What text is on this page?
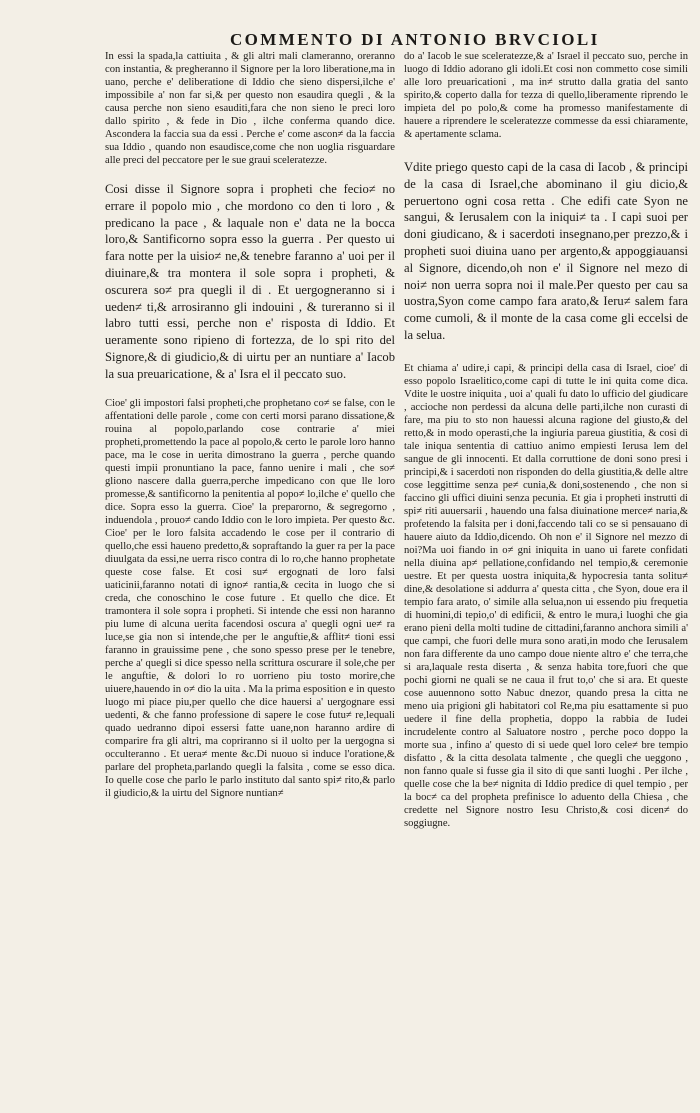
COMMENTO DI ANTONIO BRVCIOLI

In essi la spada,la cattiuita , & gli altri mali clameranno, oreranno con instantia, & pregheranno il Signore per la loro liberatione,ma in uano, perche e' deliberatione di Iddio che sieno dispersi,ilche e' impossibile a' non far si,& per questo non esaudira quegli , & la causa perche non sieno esauditi,fara che non sieno le preci loro dallo spirito , & fede in Dio , ilche conferma quando dice. Ascondera la faccia sua da essi . Perche e' come ascon≠ da la faccia sua Iddio , quando non esaudisce,come che non uoglia risguardare alle preci del peccatore per le sue graui sceleratezze.

Cosi disse il Signore sopra i propheti che fecio≠ no errare il popolo mio , che mordono co den ti loro , & predicano la pace , & laquale non e' data ne la bocca loro,& Santificorno sopra esso la guerra . Per questo ui fara notte per la uisio≠ ne,& tenebre faranno a' uoi per il diuinare,& tra montera il sole sopra i propheti, & oscurera so≠ pra quegli il di . Et uergogneranno si i ueden≠ ti,& arrosiranno gli indouini , & tureranno si il labro tutti essi, perche non e' risposta di Iddio. Et ueramente sono ripieno di fortezza, de lo spi rito del Signore,& di giudicio,& di uirtu per an nuntiare a' Iacob la sua preuaricatione, & a' Isra el il peccato suo.

Cioe' gli impostori falsi propheti,che prophetano co≠ se false, con le affentationi delle parole , come con certi morsi parano dissatione,& rouina al popolo,parlando cose contrarie a' miei propheti,promettendo la pace al popolo,& certo le parole loro hanno pace, ma le cose in uerita dimostrano la guerra , perche quando questi impii pronuntiano la pace, fanno uenire i mali , che so≠ gliono nascere dalla guerra,perche impedicano con que lle loro promesse,& santificorno la penitentia al popo≠ lo,ilche e' quello che dice. Sopra esso la guerra. Cioe' la preparorno, & segregorno , induendola , prouo≠ cando Iddio con le loro impieta. Per questo &c. Cioe' per le loro falsita accadendo le cose per il contrario di quello,che essi haueno predetto,& sopraftando la guer ra per la pace diuulgata da essi,ne uerra risco contra di lo ro,che hanno prophetate queste cose false. Et cosi su≠ ergognati de loro falsi uaticinii,faranno notati di igno≠ rantia,& cecita in luogo che si creda, che conoschino le cose future . Et quello che dice. Et tramontera il sole sopra i propheti. Si intende che essi non haranno piu lume di alcuna uerita facendosi oscura a' quegli ogni ue≠ ra luce,se gia non si intende,che per le anguftie,& afflit≠ tioni essi faranno in grauissime pene , che sono spesso prese per le tenebre, perche a' quegli si dice spesso nella scrittura oscurare il sole,che per le anguftie, & dolori lo ro uorrieno piu tosto morire,che uiuere,hauendo in o≠ dio la uita . Ma la prima esposition e in questo luogo mi piace piu,per quello che dice hauersi a' uergognare essi uedenti, & che fanno professione di sapere le cose futu≠ re,lequali quado uedranno dipoi essersi fatte uane,non haranno ardire di comparire fra gli altri, ma copriranno si il uolto per la uergogna si occulteranno . Et uera≠ mente &c.Di nuouo si induce l'oratione,& parlare del propheta,parlando quegli la falsita , come se esso dica. Io quelle cose che parlo le parlo instituto dal santo spi≠ rito,& parlo il giudicio,& la uirtu del Signore nuntian≠

do a' Iacob le sue sceleratezze,& a' Israel il peccato suo, perche in luogo di Iddio adorano gli idoli.Et cosi non commetto cose simili alle loro preuaricationi , ma in≠ strutto dalla gratia del santo spirito,& coperto dalla for tezza di quello,liberamente riprendo le impieta del po polo,& come ha promesso manifestamente di hauere a riprendere le sceleratezze commesse da essi chiaramente, & apertamente sclama.

Vdite priego questo capi de la casa di Iacob , & principi de la casa di Israel,che abominano il giu dicio,& peruertono ogni cosa retta . Che edifi cate Syon ne sangui, & Ierusalem con la iniqui≠ ta . I capi suoi per doni giudicano, & i sacerdoti insegnano,per prezzo,& i propheti suoi diuina uano per argento,& appoggiauansi al Signore, dicendo,oh non e' il Signore nel mezo di noi≠ non uerra sopra noi il male.Per questo per cau sa uostra,Syon come campo fara arato,& Ieru≠ salem fara come cumoli, & il monte de la casa come gli eccelsi de la selua.

Et chiama a' udire,i capi, & principi della casa di Israel, cioe' di esso popolo Israelitico,come capi di tutte le ini quita come dica. Vdite le uostre iniquita , uoi a' quali fu dato lo ufficio del giudicare , accioche non perdessi da alcuna delle parti,ilche non curasti di fare, ma piu to sto non hauessi alcuna ragione del giusto,& del retto,& in modo operasti,che la ingiuria pareua giustitia, & cosi di tale iniqua sententia di cattiuo animo empiesti Ierusa lem del sangue de gli innocenti. Et dalla corruttione de doni sono presi i principi,& i sacerdoti non risponden do della giustitia,& delle altre cose leggittime senza pe≠ cunia,& doni,sostenendo , che non si faccino gli uffici diuini senza pecunia. Et gia i propheti instrutti di spi≠ riti auuersarii , hauendo una falsa diuinatione merce≠ naria,& profetendo la falsita per i doni,faccendo tali co se si pensauano di hauere aiuto da Iddio,dicendo. Oh non e' il Signore nel mezzo di noi?Ma uoi fiando in o≠ gni iniquita in uano ui farete confidati nella diuina ap≠ pellatione,confidando nel tempio,& ceremonie uestre. Et per questa uostra iniquita,& hypocresia tanta solitu≠ dine,& desolatione si addurra a' questa citta , che Syon, doue era il tempio fara arato, o' simile alla selua,non ui essendo piu frequetia di huomini,di tepio,o' di edificii, & entro le mura,i luoghi che gia erano pieni della molti tudine de cittadini,faranno anchora simili a' que campi, che fuori delle mura sono arati,in modo che Ierusalem non fara differente da uno campo doue niente altro e' che terra,che si ara,laquale resta diserta , & senza habita tore,fuori che que pochi giorni ne quali se ne caua il frut to,o' che si ara. Et queste cose auuennono sotto Nabuc dnezor, quando presa la citta ne meno uia prigioni gli habitatori col Re,ma piu esattamente si puo uedere il fine della prophetia, doppo la rabbia de Iudei incrudelente contro al Saluatore nostro , perche poco doppo la morte sua , infino a' questo di si uede quel loro cele≠ bre tempio disfatto , & la citta desolata talmente , che quegli che ueggono , non fanno quale si fusse gia il sito di que santi luoghi . Per ilche , quelle cose che la be≠ nignita di Iddio predice di quel tempio , per la boc≠ ca del propheta prefinisce lo aduento della Chiesa , che credette nel Signore nostro Iesu Christo,& cosi dicen≠ do soggiugne.
